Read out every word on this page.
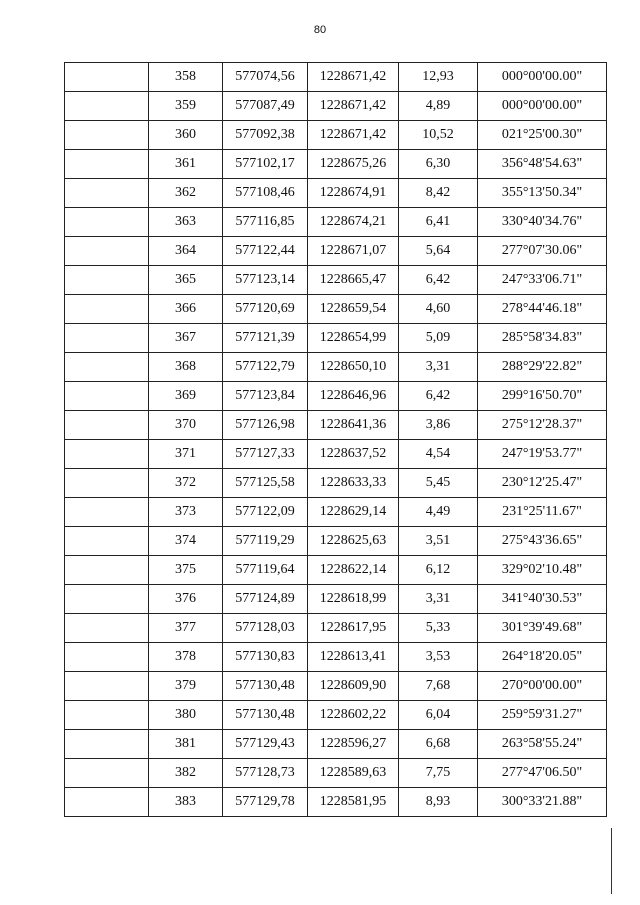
80
	358	577074,56	1228671,42	12,93	000°00'00.00"
	359	577087,49	1228671,42	4,89	000°00'00.00"
	360	577092,38	1228671,42	10,52	021°25'00.30"
	361	577102,17	1228675,26	6,30	356°48'54.63"
	362	577108,46	1228674,91	8,42	355°13'50.34"
	363	577116,85	1228674,21	6,41	330°40'34.76"
	364	577122,44	1228671,07	5,64	277°07'30.06"
	365	577123,14	1228665,47	6,42	247°33'06.71"
	366	577120,69	1228659,54	4,60	278°44'46.18"
	367	577121,39	1228654,99	5,09	285°58'34.83"
	368	577122,79	1228650,10	3,31	288°29'22.82"
	369	577123,84	1228646,96	6,42	299°16'50.70"
	370	577126,98	1228641,36	3,86	275°12'28.37"
	371	577127,33	1228637,52	4,54	247°19'53.77"
	372	577125,58	1228633,33	5,45	230°12'25.47"
	373	577122,09	1228629,14	4,49	231°25'11.67"
	374	577119,29	1228625,63	3,51	275°43'36.65"
	375	577119,64	1228622,14	6,12	329°02'10.48"
	376	577124,89	1228618,99	3,31	341°40'30.53"
	377	577128,03	1228617,95	5,33	301°39'49.68"
	378	577130,83	1228613,41	3,53	264°18'20.05"
	379	577130,48	1228609,90	7,68	270°00'00.00"
	380	577130,48	1228602,22	6,04	259°59'31.27"
	381	577129,43	1228596,27	6,68	263°58'55.24"
	382	577128,73	1228589,63	7,75	277°47'06.50"
	383	577129,78	1228581,95	8,93	300°33'21.88"
